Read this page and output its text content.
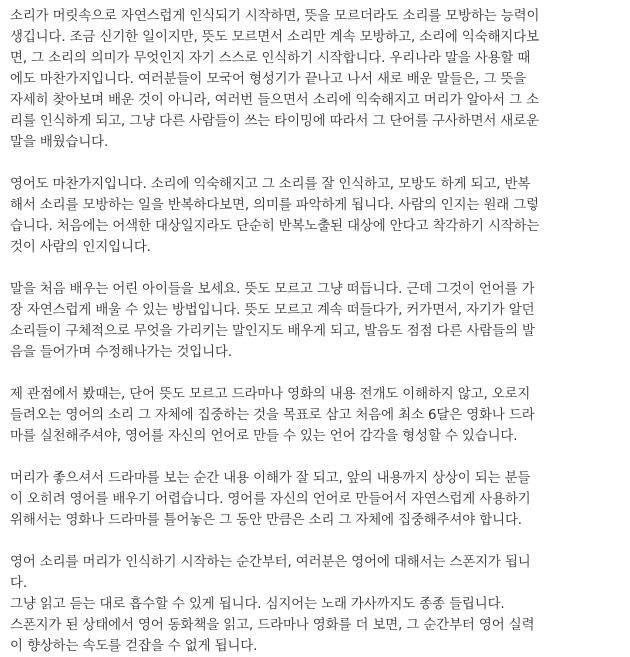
소리가 머릿속으로 자연스럽게 인식되기 시작하면, 뜻을 모르더라도 소리를 모방하는 능력이
생깁니다. 조금 신기한 일이지만, 뜻도 모르면서 소리만 계속 모방하고, 소리에 익숙해지다보
면, 그 소리의 의미가 무엇인지 자기 스스로 인식하기 시작합니다. 우리나라 말을 사용할 때
에도 마찬가지입니다. 여러분들이 모국어 형성기가 끝나고 나서 새로 배운 말들은, 그 뜻을
자세히 찾아보며 배운 것이 아니라, 여러번 들으면서 소리에 익숙해지고 머리가 알아서 그 소
리를 인식하게 되고, 그냥 다른 사람들이 쓰는 타이밍에 따라서 그 단어를 구사하면서 새로운
말을 배웠습니다.
영어도 마찬가지입니다. 소리에 익숙해지고 그 소리를 잘 인식하고, 모방도 하게 되고, 반복
해서 소리를 모방하는 일을 반복하다보면, 의미를 파악하게 됩니다. 사람의 인지는 원래 그렇
습니다. 처음에는 어색한 대상일지라도 단순히 반복노출된 대상에 안다고 착각하기 시작하는
것이 사람의 인지입니다.
말을 처음 배우는 어린 아이들을 보세요. 뜻도 모르고 그냥 떠듭니다. 근데 그것이 언어를 가
장 자연스럽게 배울 수 있는 방법입니다. 뜻도 모르고 계속 떠들다가, 커가면서, 자기가 알던
소리들이 구체적으로 무엇을 가리키는 말인지도 배우게 되고, 발음도 점점 다른 사람들의 발
음을 들어가며 수정해나가는 것입니다.
제 관점에서 봤때는, 단어 뜻도 모르고 드라마나 영화의 내용 전개도 이해하지 않고, 오로지
들려오는 영어의 소리 그 자체에 집중하는 것을 목표로 삼고 처음에 최소 6달은 영화나 드라
마를 실천해주셔야, 영어를 자신의 언어로 만들 수 있는 언어 감각을 형성할 수 있습니다.
머리가 좋으셔서 드라마를 보는 순간 내용 이해가 잘 되고, 앞의 내용까지 상상이 되는 분들
이 오히려 영어를 배우기 어렵습니다. 영어를 자신의 언어로 만들어서 자연스럽게 사용하기
위해서는 영화나 드라마를 틀어놓은 그 동안 만큼은 소리 그 자체에 집중해주셔야 합니다.
영어 소리를 머리가 인식하기 시작하는 순간부터, 여러분은 영어에 대해서는 스폰지가 됩니
다.
그냥 읽고 듣는 대로 흡수할 수 있게 됩니다. 심지어는 노래 가사까지도 종종 들립니다.
스폰지가 된 상태에서 영어 동화책을 읽고, 드라마나 영화를 더 보면, 그 순간부터 영어 실력
이 향상하는 속도를 걷잡을 수 없게 됩니다.
